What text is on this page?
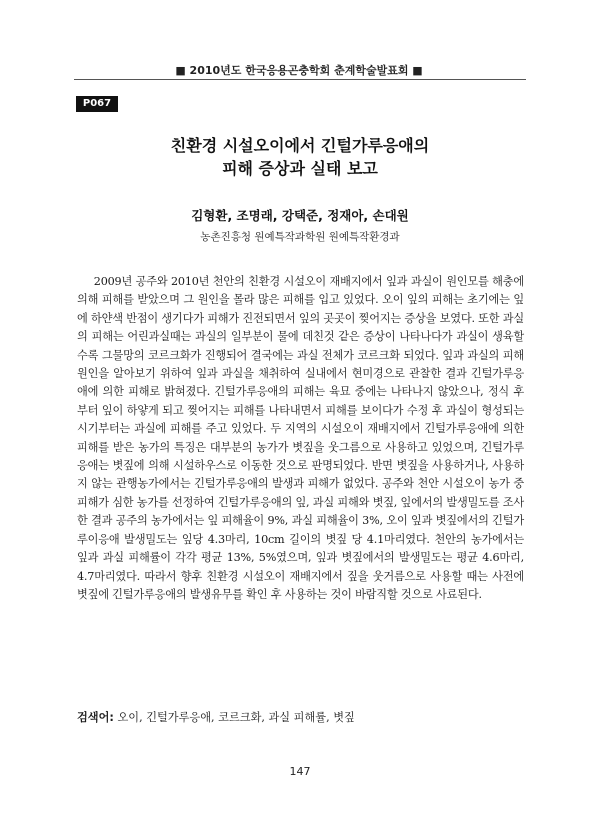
■ 2010년도 한국응용곤충학회 춘계학술발표회 ■
P067
친환경 시설오이에서 긴털가루응애의
피해 증상과 실태 보고
김형환, 조명래, 강택준, 정재아, 손대원
농촌진흥청 원예특작과학원 원예특작환경과

2009년 공주와 2010년 천안의 친환경 시설오이 재배지에서 잎과 과실이 원인모를 해충에 의해 피해를 받았으며 그 원인을 몰라 많은 피해를 입고 있었다. 오이 잎의 피해는 초기에는 잎에 하얀색 반점이 생기다가 피해가 진전되면서 잎의 곳곳이 찢어지는 증상을 보였다. 또한 과실의 피해는 어린과실때는 과실의 일부분이 물에 데친것 같은 증상이 나타나다가 과실이 생육할수록 그물망의 코르크화가 진행되어 결국에는 과실 전체가 코르크화 되었다. 잎과 과실의 피해 원인을 알아보기 위하여 잎과 과실을 채취하여 실내에서 현미경으로 관찰한 결과 긴털가루응애에 의한 피해로 밝혀졌다. 긴털가루응애의 피해는 육묘 중에는 나타나지 않았으나, 정식 후 부터 잎이 하얗게 되고 찢어지는 피해를 나타내면서 피해를 보이다가 수정 후 과실이 형성되는 시기부터는 과실에 피해를 주고 있었다. 두 지역의 시설오이 재배지에서 긴털가루응애에 의한 피해를 받은 농가의 특징은 대부분의 농가가 볏짚을 웃그름으로 사용하고 있었으며, 긴털가루응애는 볏짚에 의해 시설하우스로 이동한 것으로 판명되었다. 반면 볏짚을 사용하거나, 사용하지 않는 관행농가에서는 긴털가루응애의 발생과 피해가 없었다. 공주와 천안 시설오이 농가 중 피해가 심한 농가를 선정하여 긴털가루응애의 잎, 과실 피해와 볏짚, 잎에서의 발생밀도를 조사한 결과 공주의 농가에서는 잎 피해율이 9%, 과실 피해율이 3%, 오이 잎과 볏짚에서의 긴털가루이응애 발생밀도는 잎당 4.3마리, 10cm 길이의 볏짚 당 4.1마리였다. 천안의 농가에서는 잎과 과실 피해률이 각각 평균 13%, 5%였으며, 잎과 볏짚에서의 발생밀도는 평균 4.6마리, 4.7마리였다. 따라서 향후 친환경 시설오이 재배지에서 짚을 웃거름으로 사용할 때는 사전에 볏짚에 긴털가루응애의 발생유무를 확인 후 사용하는 것이 바람직할 것으로 사료된다.

검색어: 오이, 긴털가루응애, 코르크화, 과실 피해률, 볏짚
147
